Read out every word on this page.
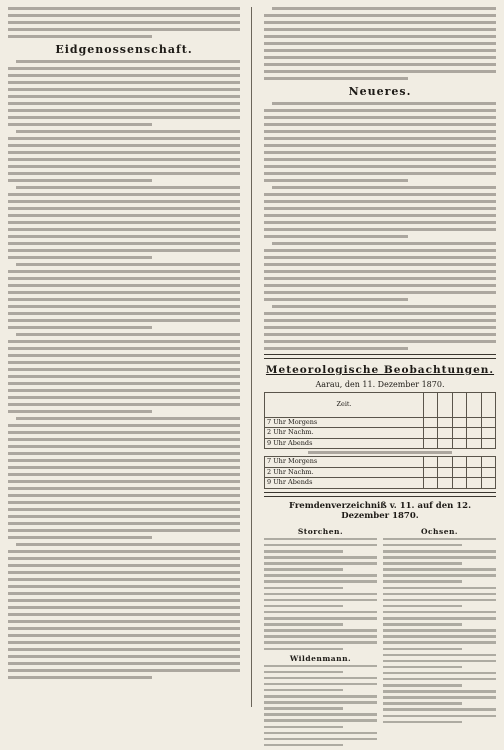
Eidgenossenschaft.
Neueres.
Meteorologische Beobachtungen.
Aarau, den 11. Dezember 1870.
Zeit.					
7 Uhr Morgens					
2 Uhr Nachm.					
9 Uhr Abends					
7 Uhr Morgens					
2 Uhr Nachm.					
9 Uhr Abends					
Fremdenverzeichniß v. 11. auf den 12. Dezember 1870.
Storchen.
Wildenmann.
Ochsen.
